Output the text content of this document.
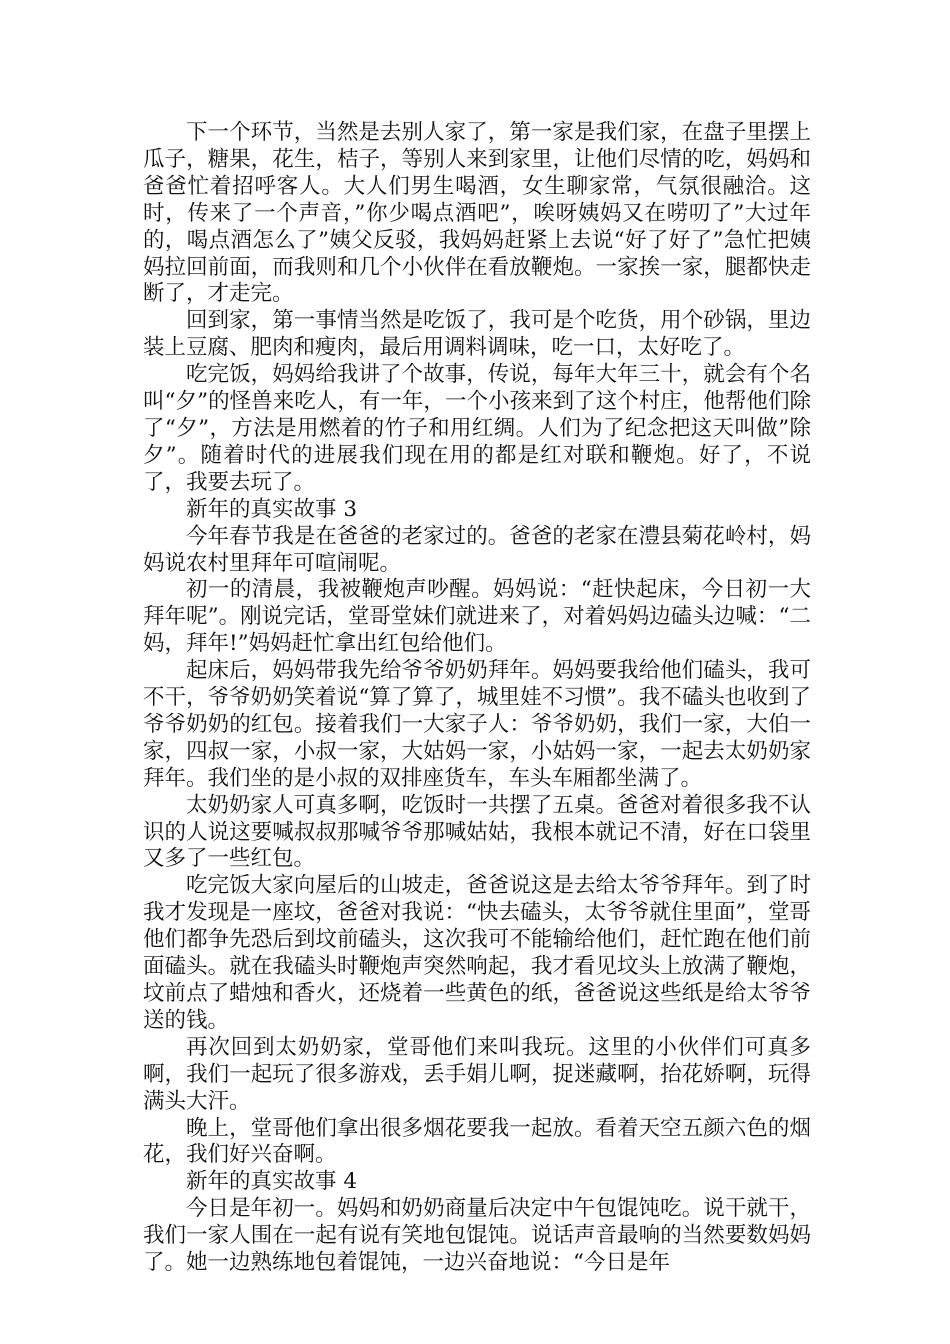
下一个环节，当然是去别人家了，第一家是我们家，在盘子里摆上瓜子，糖果，花生，桔子，等别人来到家里，让他们尽情的吃，妈妈和爸爸忙着招呼客人。大人们男生喝酒，女生聊家常，气氛很融洽。这时，传来了一个声音，”你少喝点酒吧”，唉呀姨妈又在唠叨了”大过年的，喝点酒怎么了”姨父反驳，我妈妈赶紧上去说“好了好了”急忙把姨妈拉回前面，而我则和几个小伙伴在看放鞭炮。一家挨一家，腿都快走断了，才走完。

回到家，第一事情当然是吃饭了，我可是个吃货，用个砂锅，里边装上豆腐、肥肉和瘦肉，最后用调料调味，吃一口，太好吃了。

吃完饭，妈妈给我讲了个故事，传说，每年大年三十，就会有个名叫“夕”的怪兽来吃人，有一年，一个小孩来到了这个村庄，他帮他们除了“夕”，方法是用燃着的竹子和用红绸。人们为了纪念把这天叫做”除夕”。随着时代的进展我们现在用的都是红对联和鞭炮。好了，不说了，我要去玩了。

新年的真实故事 3

今年春节我是在爸爸的老家过的。爸爸的老家在澧县菊花岭村，妈妈说农村里拜年可喧闹呢。

初一的清晨，我被鞭炮声吵醒。妈妈说：“赶快起床，今日初一大拜年呢”。刚说完话，堂哥堂妹们就进来了，对着妈妈边磕头边喊：“二妈，拜年!”妈妈赶忙拿出红包给他们。

起床后，妈妈带我先给爷爷奶奶拜年。妈妈要我给他们磕头，我可不干，爷爷奶奶笑着说“算了算了，城里娃不习惯”。我不磕头也收到了爷爷奶奶的红包。接着我们一大家子人：爷爷奶奶，我们一家，大伯一家，四叔一家，小叔一家，大姑妈一家，小姑妈一家，一起去太奶奶家拜年。我们坐的是小叔的双排座货车，车头车厢都坐满了。

太奶奶家人可真多啊，吃饭时一共摆了五桌。爸爸对着很多我不认识的人说这要喊叔叔那喊爷爷那喊姑姑，我根本就记不清，好在口袋里又多了一些红包。

吃完饭大家向屋后的山坡走，爸爸说这是去给太爷爷拜年。到了时我才发现是一座坟，爸爸对我说：“快去磕头，太爷爷就住里面”，堂哥他们都争先恐后到坟前磕头，这次我可不能输给他们，赶忙跑在他们前面磕头。就在我磕头时鞭炮声突然响起，我才看见坟头上放满了鞭炮，坟前点了蜡烛和香火，还烧着一些黄色的纸，爸爸说这些纸是给太爷爷送的钱。

再次回到太奶奶家，堂哥他们来叫我玩。这里的小伙伴们可真多啊，我们一起玩了很多游戏，丢手娟儿啊，捉迷藏啊，抬花娇啊，玩得满头大汗。

晚上，堂哥他们拿出很多烟花要我一起放。看着天空五颜六色的烟花，我们好兴奋啊。

新年的真实故事 4

今日是年初一。妈妈和奶奶商量后决定中午包馄饨吃。说干就干，我们一家人围在一起有说有笑地包馄饨。说话声音最响的当然要数妈妈了。她一边熟练地包着馄饨，一边兴奋地说：“今日是年
